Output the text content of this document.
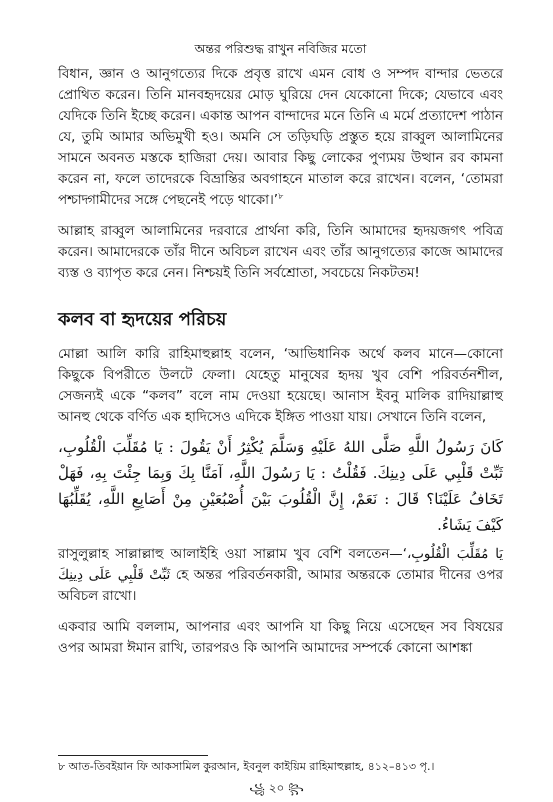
অন্তর পরিশুদ্ধ রাখুন নবিজির মতো

বিধান, জ্ঞান ও আনুগত্যের দিকে প্রবৃত্ত রাখে এমন বোধ ও সম্পদ বান্দার ভেতরে প্রোথিত করেন। তিনি মানবহৃদয়ের মোড় ঘুরিয়ে দেন যেকোনো দিকে; যেভাবে এবং যেদিকে তিনি ইচ্ছে করেন। একান্ত আপন বান্দাদের মনে তিনি এ মর্মে প্রত্যাদেশ পাঠান যে, তুমি আমার অভিমুখী হও। অমনি সে তড়িঘড়ি প্রস্তুত হয়ে রাব্বুল আলামিনের সামনে অবনত মস্তকে হাজিরা দেয়। আবার কিছু লোকের পুণ্যময় উত্থান রব কামনা করেন না, ফলে তাদেরকে বিভ্রান্তির অবগাহনে মাতাল করে রাখেন। বলেন, ‘তোমরা পশ্চাদ্গামীদের সঙ্গে পেছনেই পড়ে থাকো।’$^৮$

আল্লাহ রাব্বুল আলামিনের দরবারে প্রার্থনা করি, তিনি আমাদের হৃদয়জগৎ পবিত্র করেন। আমাদেরকে তাঁর দীনে অবিচল রাখেন এবং তাঁর আনুগত্যের কাজে আমাদের ব্যস্ত ও ব্যাপৃত করে নেন। নিশ্চয়ই তিনি সর্বশ্রোতা, সবচেয়ে নিকটতম!

কলব বা হৃদয়ের পরিচয়

মোল্লা আলি কারি রাহিমাহুল্লাহ বলেন, ‘আভিধানিক অর্থে কলব মানে—কোনো কিছুকে বিপরীতে উলটে ফেলা। যেহেতু মানুষের হৃদয় খুব বেশি পরিবর্তনশীল, সেজন্যই একে “কলব” বলে নাম দেওয়া হয়েছে। আনাস ইবনু মালিক রাদিয়াল্লাহু আনহু থেকে বর্ণিত এক হাদিসেও এদিকে ইঙ্গিত পাওয়া যায়। সেখানে তিনি বলেন,

كَانَ رَسُولُ اللَّهِ صَلَّى اللهُ عَلَيْهِ وَسَلَّمَ يُكْثِرُ أَنْ يَقُولَ : يَا مُقَلِّبَ الْقُلُوبِ، ثَبِّتْ قَلْبِي عَلَى دِينِكَ. فَقُلْتُ : يَا رَسُولَ اللَّهِ، آمَنَّا بِكَ وَبِمَا جِئْتَ بِهِ، فَهَلْ تَخَافُ عَلَيْنَا؟ قَالَ : نَعَمْ، إِنَّ الْقُلُوبَ بَيْنَ أُصْبُعَيْنِ مِنْ أَصَابِعِ اللَّهِ، يُقَلِّبُهَا كَيْفَ يَشَاءُ.

রাসুলুল্লাহ সাল্লাল্লাহু আলাইহি ওয়া সাল্লাম খুব বেশি বলতেন—‘يَا مُقَلِّبَ الْقُلُوبِ، ثَبِّتْ قَلْبِي عَلَى دِينِكَ হে অন্তর পরিবর্তনকারী, আমার অন্তরকে তোমার দীনের ওপর অবিচল রাখো।

একবার আমি বললাম, আপনার এবং আপনি যা কিছু নিয়ে এসেছেন সব বিষয়ের ওপর আমরা ঈমান রাখি, তারপরও কি আপনি আমাদের সম্পর্কে কোনো আশঙ্কা

৮ আত-তিবইয়ান ফি আকসামিল কুরআন, ইবনুল কাইয়িম রাহিমাহুল্লাহ, ৪১২–৪১৩ পৃ.।
꧁ ২০ ꧂
